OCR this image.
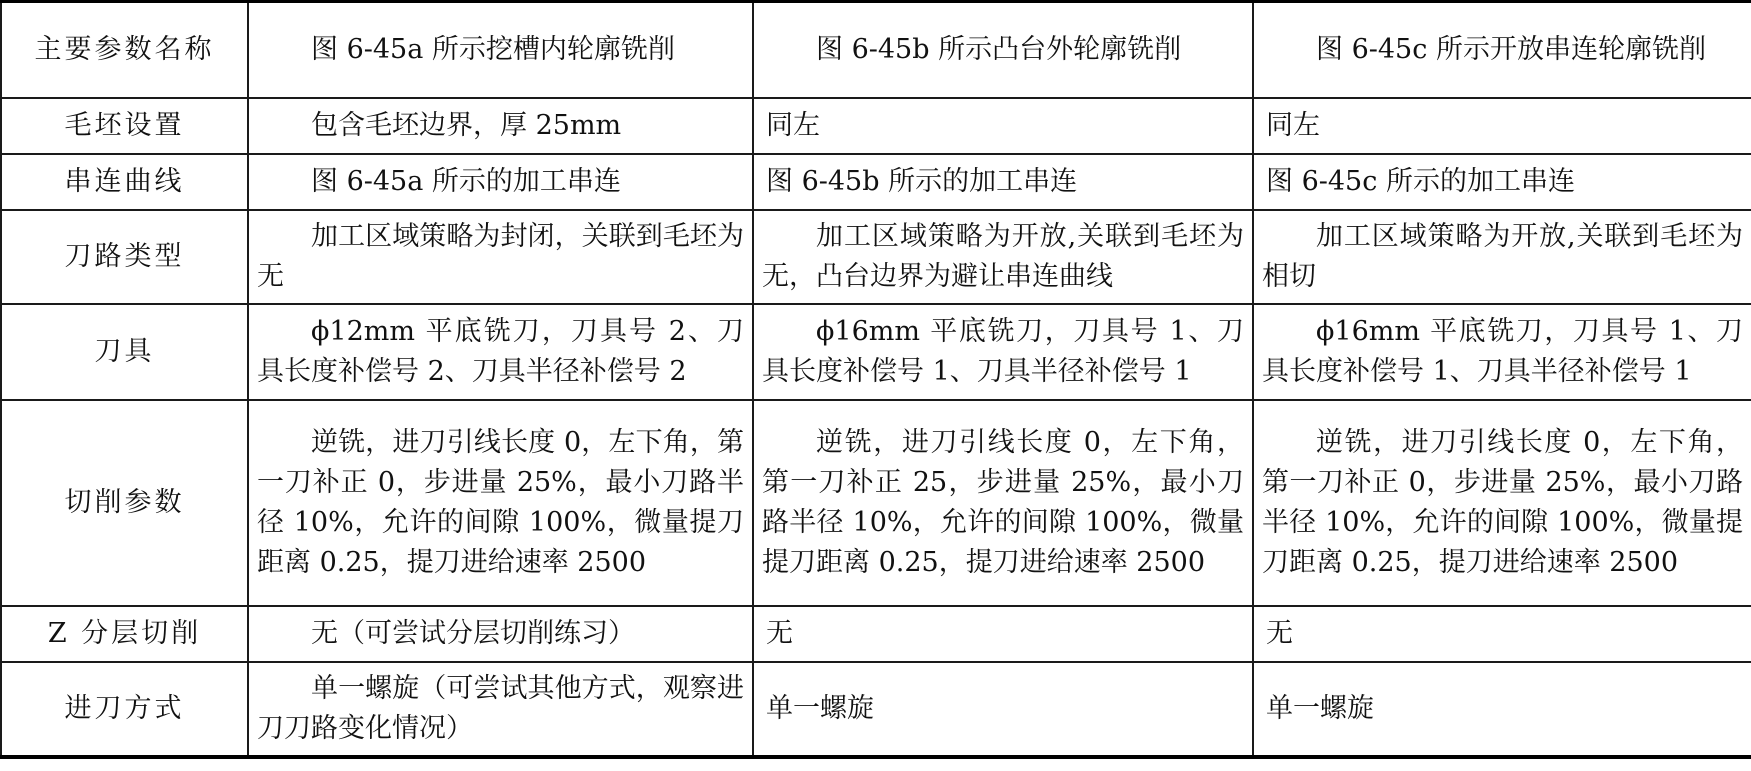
主要参数名称	图 6-45a 所示挖槽内轮廓铣削	图 6-45b 所示凸台外轮廓铣削	图 6-45c 所示开放串连轮廓铣削
毛坯设置	包含毛坯边界，厚 25mm	同左	同左
串连曲线	图 6-45a 所示的加工串连	图 6-45b 所示的加工串连	图 6-45c 所示的加工串连
刀路类型	加工区域策略为封闭，关联到毛坯为无	加工区域策略为开放,关联到毛坯为无，凸台边界为避让串连曲线	加工区域策略为开放,关联到毛坯为相切
刀具	ϕ12mm 平底铣刀，刀具号 2、刀具长度补偿号 2、刀具半径补偿号 2	ϕ16mm 平底铣刀，刀具号 1、刀具长度补偿号 1、刀具半径补偿号 1	ϕ16mm 平底铣刀，刀具号 1、刀具长度补偿号 1、刀具半径补偿号 1
切削参数	逆铣，进刀引线长度 0，左下角，第一刀补正 0，步进量 25%，最小刀路半径 10%，允许的间隙 100%，微量提刀距离 0.25，提刀进给速率 2500	逆铣，进刀引线长度 0，左下角，第一刀补正 25，步进量 25%，最小刀路半径 10%，允许的间隙 100%，微量提刀距离 0.25，提刀进给速率 2500	逆铣，进刀引线长度 0，左下角，第一刀补正 0，步进量 25%，最小刀路半径 10%，允许的间隙 100%，微量提刀距离 0.25，提刀进给速率 2500
Z 分层切削	无（可尝试分层切削练习）	无	无
进刀方式	单一螺旋（可尝试其他方式，观察进刀刀路变化情况）	单一螺旋	单一螺旋
